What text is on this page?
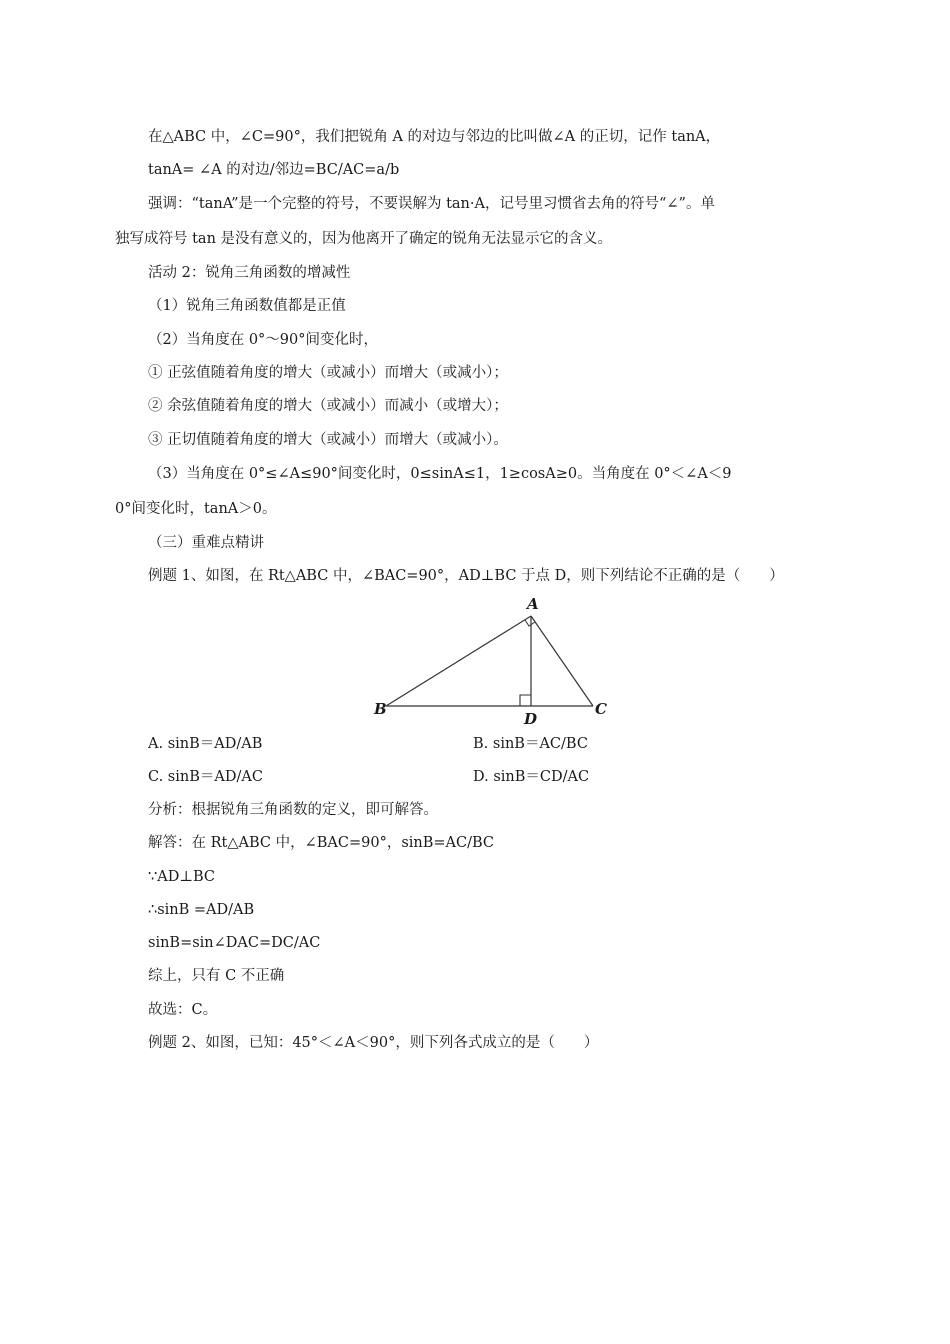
在△ABC 中，∠C=90°，我们把锐角 A 的对边与邻边的比叫做∠A 的正切，记作 tanA，
tanA= ∠A 的对边/邻边=BC/AC=a/b
强调：“tanA”是一个完整的符号，不要误解为 tan·A，记号里习惯省去角的符号“∠”。单
独写成符号 tan 是没有意义的，因为他离开了确定的锐角无法显示它的含义。
活动 2：锐角三角函数的增减性
（1）锐角三角函数值都是正值
（2）当角度在 0°～90°间变化时，
① 正弦值随着角度的增大（或减小）而增大（或减小）；
② 余弦值随着角度的增大（或减小）而减小（或增大）；
③ 正切值随着角度的增大（或减小）而增大（或减小）。
（3）当角度在 0°≤∠A≤90°间变化时，0≤sinA≤1，1≥cosA≥0。当角度在 0°＜∠A＜9
0°间变化时，tanA＞0。
（三）重难点精讲
例题 1、如图，在 Rt△ABC 中，∠BAC=90°，AD⊥BC 于点 D，则下列结论不正确的是（　　）
A
B	C
D
A. sinB＝AD/AB	B. sinB＝AC/BC
C. sinB＝AD/AC	D. sinB＝CD/AC
分析：根据锐角三角函数的定义，即可解答。
解答：在 Rt△ABC 中，∠BAC=90°，sinB=AC/BC
∵AD⊥BC
∴sinB =AD/AB
sinB=sin∠DAC=DC/AC
综上，只有 C 不正确
故选：C。
例题 2、如图，已知：45°＜∠A＜90°，则下列各式成立的是（　　）
